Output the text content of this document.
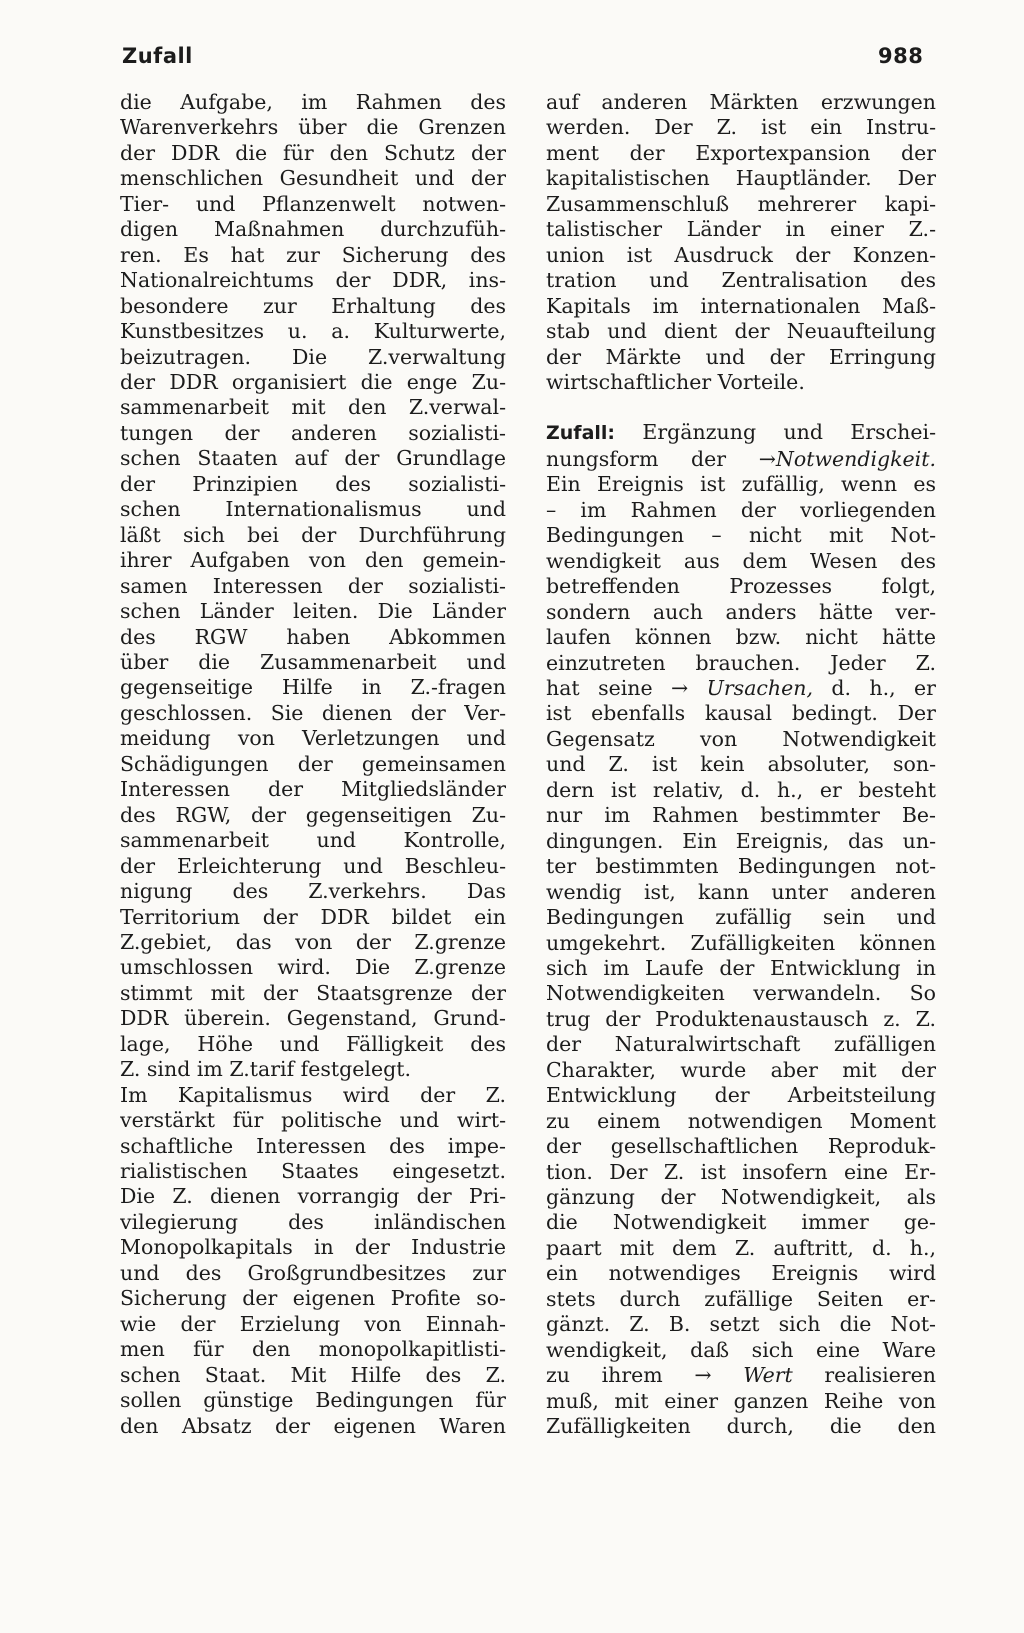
Zufall	988
die Aufgabe, im Rahmen des
Warenverkehrs über die Grenzen
der DDR die für den Schutz der
menschlichen Gesundheit und der
Tier- und Pflanzenwelt notwen-
digen Maßnahmen durchzufüh-
ren. Es hat zur Sicherung des
Nationalreichtums der DDR, ins-
besondere zur Erhaltung des
Kunstbesitzes u. a. Kulturwerte,
beizutragen. Die Z.verwaltung
der DDR organisiert die enge Zu-
sammenarbeit mit den Z.verwal-
tungen der anderen sozialisti-
schen Staaten auf der Grundlage
der Prinzipien des sozialisti-
schen Internationalismus und
läßt sich bei der Durchführung
ihrer Aufgaben von den gemein-
samen Interessen der sozialisti-
schen Länder leiten. Die Länder
des RGW haben Abkommen
über die Zusammenarbeit und
gegenseitige Hilfe in Z.-fragen
geschlossen. Sie dienen der Ver-
meidung von Verletzungen und
Schädigungen der gemeinsamen
Interessen der Mitgliedsländer
des RGW, der gegenseitigen Zu-
sammenarbeit und Kontrolle,
der Erleichterung und Beschleu-
nigung des Z.verkehrs. Das
Territorium der DDR bildet ein
Z.gebiet, das von der Z.grenze
umschlossen wird. Die Z.grenze
stimmt mit der Staatsgrenze der
DDR überein. Gegenstand, Grund-
lage, Höhe und Fälligkeit des
Z. sind im Z.tarif festgelegt.
Im Kapitalismus wird der Z.
verstärkt für politische und wirt-
schaftliche Interessen des impe-
rialistischen Staates eingesetzt.
Die Z. dienen vorrangig der Pri-
vilegierung des inländischen
Monopolkapitals in der Industrie
und des Großgrundbesitzes zur
Sicherung der eigenen Profite so-
wie der Erzielung von Einnah-
men für den monopolkapitlisti-
schen Staat. Mit Hilfe des Z.
sollen günstige Bedingungen für
den Absatz der eigenen Waren
auf anderen Märkten erzwungen
werden. Der Z. ist ein Instru-
ment der Exportexpansion der
kapitalistischen Hauptländer. Der
Zusammenschluß mehrerer kapi-
talistischer Länder in einer Z.-
union ist Ausdruck der Konzen-
tration und Zentralisation des
Kapitals im internationalen Maß-
stab und dient der Neuaufteilung
der Märkte und der Erringung
wirtschaftlicher Vorteile.
Zufall: Ergänzung und Erschei-
nungsform der →Notwendigkeit.
Ein Ereignis ist zufällig, wenn es
– im Rahmen der vorliegenden
Bedingungen – nicht mit Not-
wendigkeit aus dem Wesen des
betreffenden Prozesses folgt,
sondern auch anders hätte ver-
laufen können bzw. nicht hätte
einzutreten brauchen. Jeder Z.
hat seine → Ursachen, d. h., er
ist ebenfalls kausal bedingt. Der
Gegensatz von Notwendigkeit
und Z. ist kein absoluter, son-
dern ist relativ, d. h., er besteht
nur im Rahmen bestimmter Be-
dingungen. Ein Ereignis, das un-
ter bestimmten Bedingungen not-
wendig ist, kann unter anderen
Bedingungen zufällig sein und
umgekehrt. Zufälligkeiten können
sich im Laufe der Entwicklung in
Notwendigkeiten verwandeln. So
trug der Produktenaustausch z. Z.
der Naturalwirtschaft zufälligen
Charakter, wurde aber mit der
Entwicklung der Arbeitsteilung
zu einem notwendigen Moment
der gesellschaftlichen Reproduk-
tion. Der Z. ist insofern eine Er-
gänzung der Notwendigkeit, als
die Notwendigkeit immer ge-
paart mit dem Z. auftritt, d. h.,
ein notwendiges Ereignis wird
stets durch zufällige Seiten er-
gänzt. Z. B. setzt sich die Not-
wendigkeit, daß sich eine Ware
zu ihrem → Wert realisieren
muß, mit einer ganzen Reihe von
Zufälligkeiten durch, die den
